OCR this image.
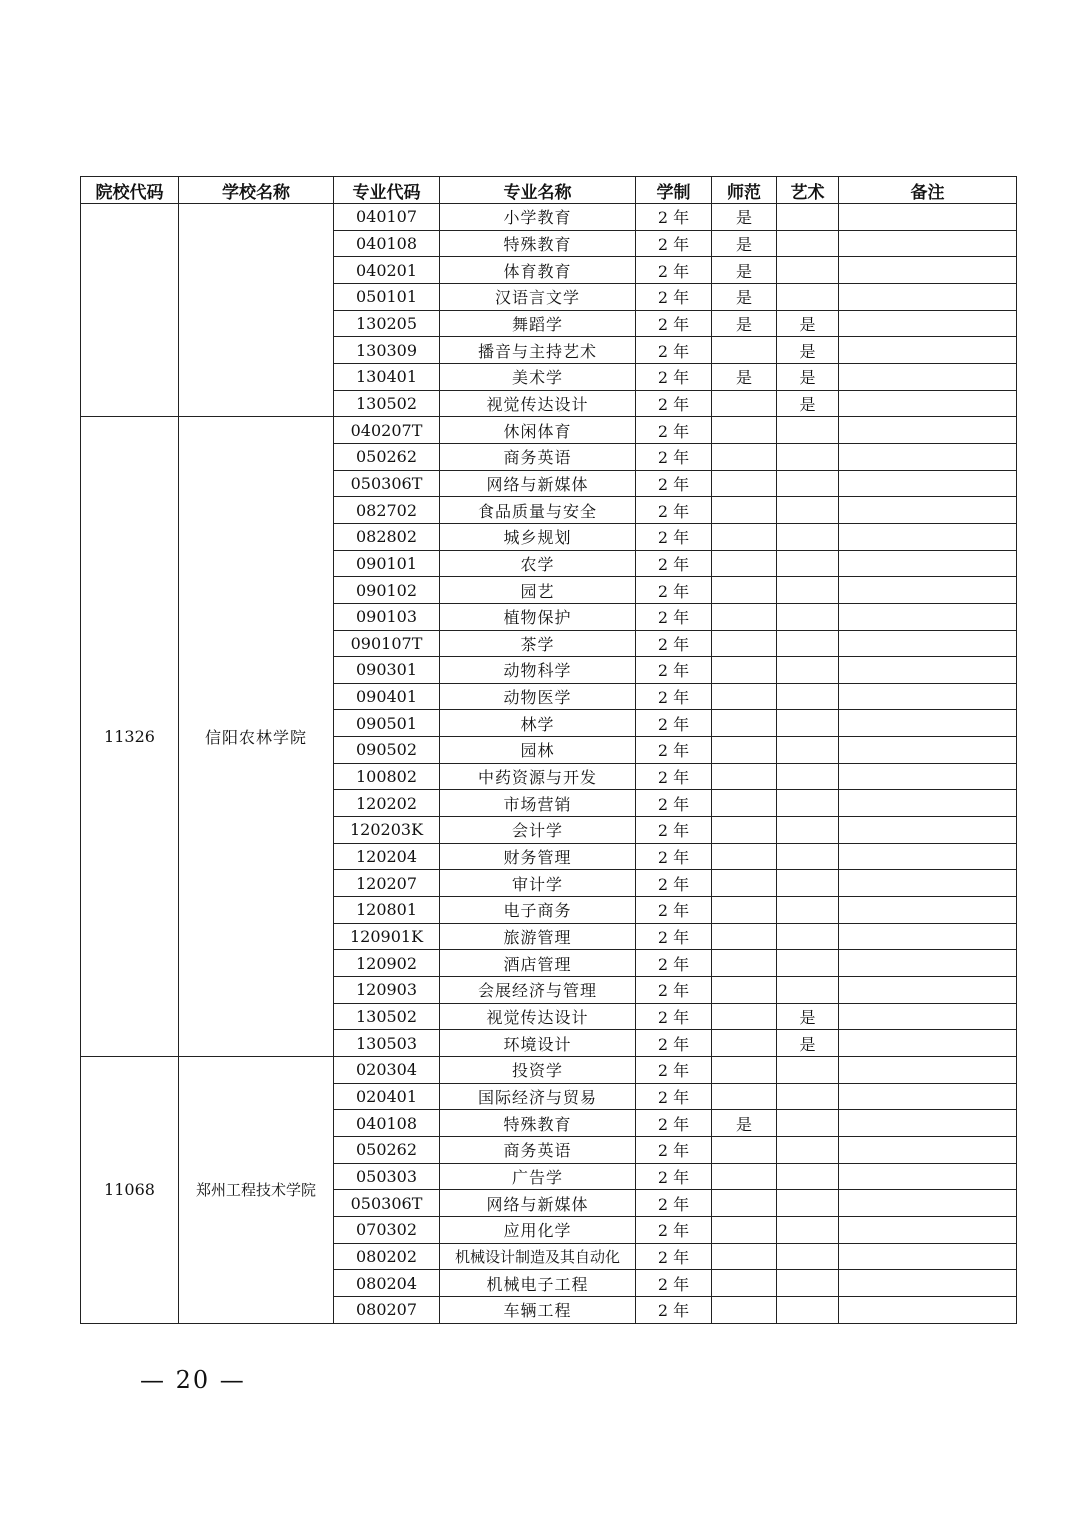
院校代码	学校名称	专业代码	专业名称	学制	师范	艺术	备注
		040107	小学教育	2 年	是		
		040108	特殊教育	2 年	是		
		040201	体育教育	2 年	是		
		050101	汉语言文学	2 年	是		
		130205	舞蹈学	2 年	是	是	
		130309	播音与主持艺术	2 年		是	
		130401	美术学	2 年	是	是	
		130502	视觉传达设计	2 年		是	
11326	信阳农林学院	040207T	休闲体育	2 年			
		050262	商务英语	2 年			
		050306T	网络与新媒体	2 年			
		082702	食品质量与安全	2 年			
		082802	城乡规划	2 年			
		090101	农学	2 年			
		090102	园艺	2 年			
		090103	植物保护	2 年			
		090107T	茶学	2 年			
		090301	动物科学	2 年			
		090401	动物医学	2 年			
		090501	林学	2 年			
		090502	园林	2 年			
		100802	中药资源与开发	2 年			
		120202	市场营销	2 年			
		120203K	会计学	2 年			
		120204	财务管理	2 年			
		120207	审计学	2 年			
		120801	电子商务	2 年			
		120901K	旅游管理	2 年			
		120902	酒店管理	2 年			
		120903	会展经济与管理	2 年			
		130502	视觉传达设计	2 年		是	
		130503	环境设计	2 年		是	
11068	郑州工程技术学院	020304	投资学	2 年			
		020401	国际经济与贸易	2 年			
		040108	特殊教育	2 年	是		
		050262	商务英语	2 年			
		050303	广告学	2 年			
		050306T	网络与新媒体	2 年			
		070302	应用化学	2 年			
		080202	机械设计制造及其自动化	2 年			
		080204	机械电子工程	2 年			
		080207	车辆工程	2 年			
— 20 —
